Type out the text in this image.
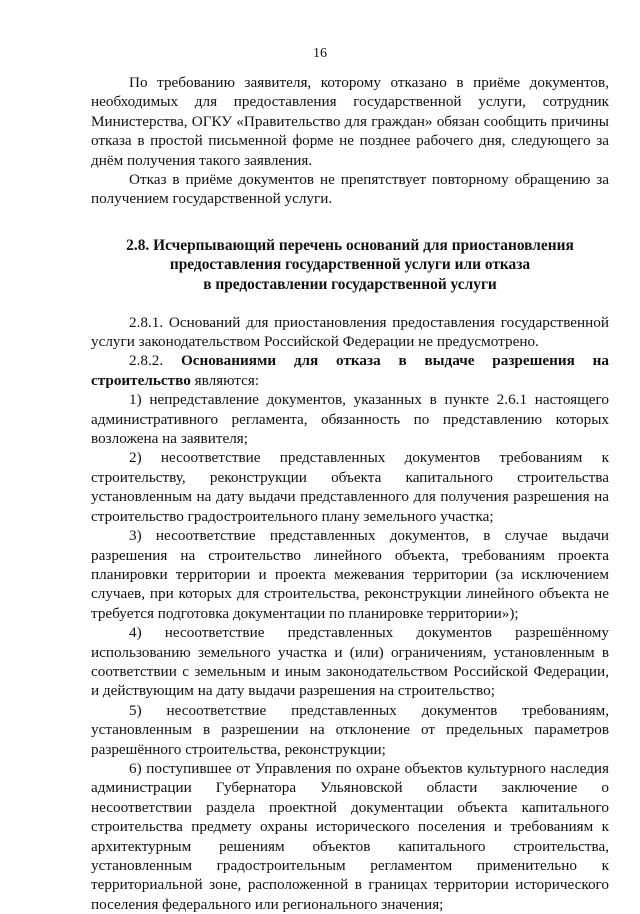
16

По требованию заявителя, которому отказано в приёме документов, необходимых для предоставления государственной услуги, сотрудник Министерства, ОГКУ «Правительство для граждан» обязан сообщить причины отказа в простой письменной форме не позднее рабочего дня, следующего за днём получения такого заявления.

Отказ в приёме документов не препятствует повторному обращению за получением государственной услуги.

2.8. Исчерпывающий перечень оснований для приостановления
предоставления государственной услуги или отказа
в предоставлении государственной услуги

2.8.1. Оснований для приостановления предоставления государственной услуги законодательством Российской Федерации не предусмотрено.

2.8.2. Основаниями для отказа в выдаче разрешения на строительство являются:

1) непредставление документов, указанных в пункте 2.6.1 настоящего административного регламента, обязанность по представлению которых возложена на заявителя;

2) несоответствие представленных документов требованиям к строительству, реконструкции объекта капитального строительства установленным на дату выдачи представленного для получения разрешения на строительство градостроительного плану земельного участка;

3) несоответствие представленных документов, в случае выдачи разрешения на строительство линейного объекта, требованиям проекта планировки территории и проекта межевания территории (за исключением случаев, при которых для строительства, реконструкции линейного объекта не требуется подготовка документации по планировке территории»);

4) несоответствие представленных документов разрешённому использованию земельного участка и (или) ограничениям, установленным в соответствии с земельным и иным законодательством Российской Федерации, и действующим на дату выдачи разрешения на строительство;

5) несоответствие представленных документов требованиям, установленным в разрешении на отклонение от предельных параметров разрешённого строительства, реконструкции;

6) поступившее от Управления по охране объектов культурного наследия администрации Губернатора Ульяновской области заключение о несоответствии раздела проектной документации объекта капитального строительства предмету охраны исторического поселения и требованиям к архитектурным решениям объектов капитального строительства, установленным градостроительным регламентом применительно к территориальной зоне, расположенной в границах территории исторического поселения федерального или регионального значения;
